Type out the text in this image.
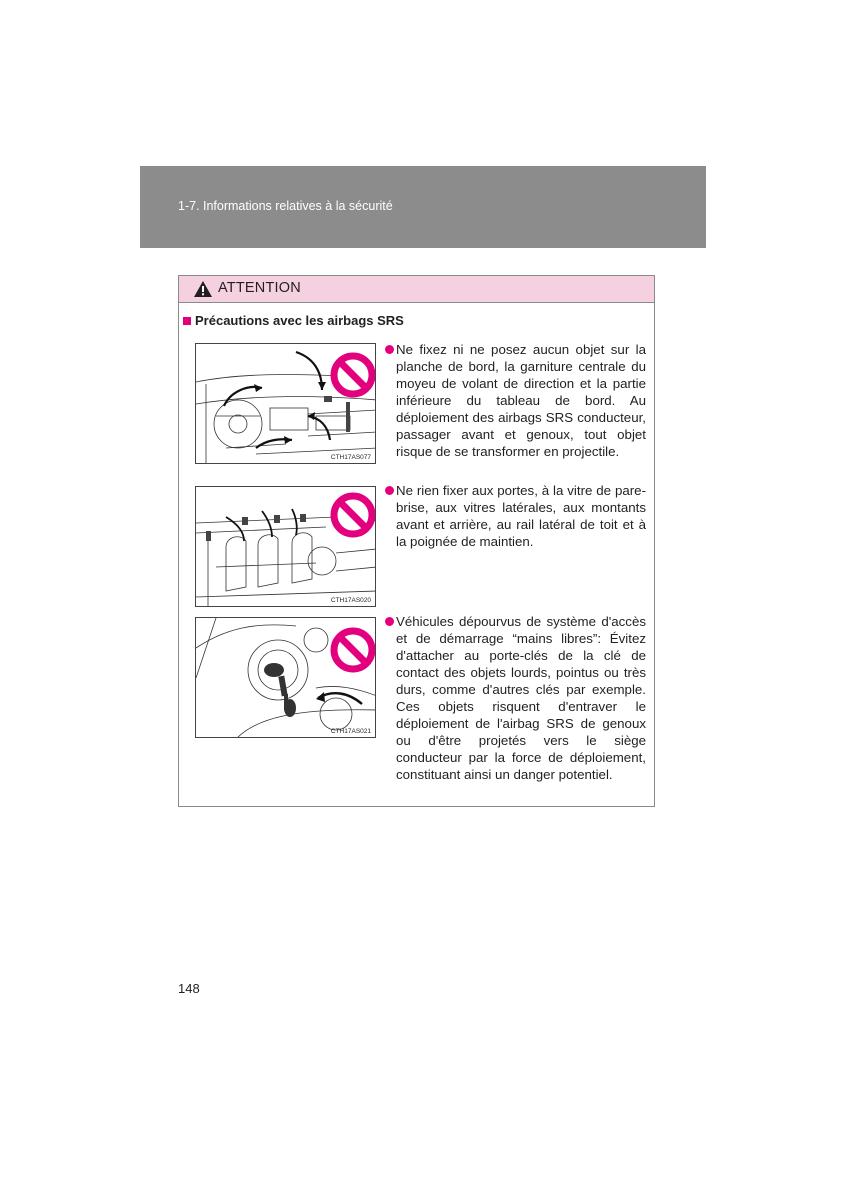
1-7. Informations relatives à la sécurité
ATTENTION
Précautions avec les airbags SRS
CTH17AS077
CTH17AS020
CTH17AS021
Ne fixez ni ne posez aucun objet sur la planche de bord, la garniture centrale du moyeu de volant de direction et la partie inférieure du tableau de bord. Au déploiement des airbags SRS conducteur, passager avant et genoux, tout objet risque de se transformer en projectile.
Ne rien fixer aux portes, à la vitre de pare-brise, aux vitres latérales, aux montants avant et arrière, au rail latéral de toit et à la poignée de maintien.
Véhicules dépourvus de système d'accès et de démarrage “mains libres”: Évitez d'attacher au porte-clés de la clé de contact des objets lourds, pointus ou très durs, comme d'autres clés par exemple. Ces objets risquent d'entraver le déploiement de l'airbag SRS de genoux ou d'être projetés vers le siège conducteur par la force de déploiement, constituant ainsi un danger potentiel.
148
